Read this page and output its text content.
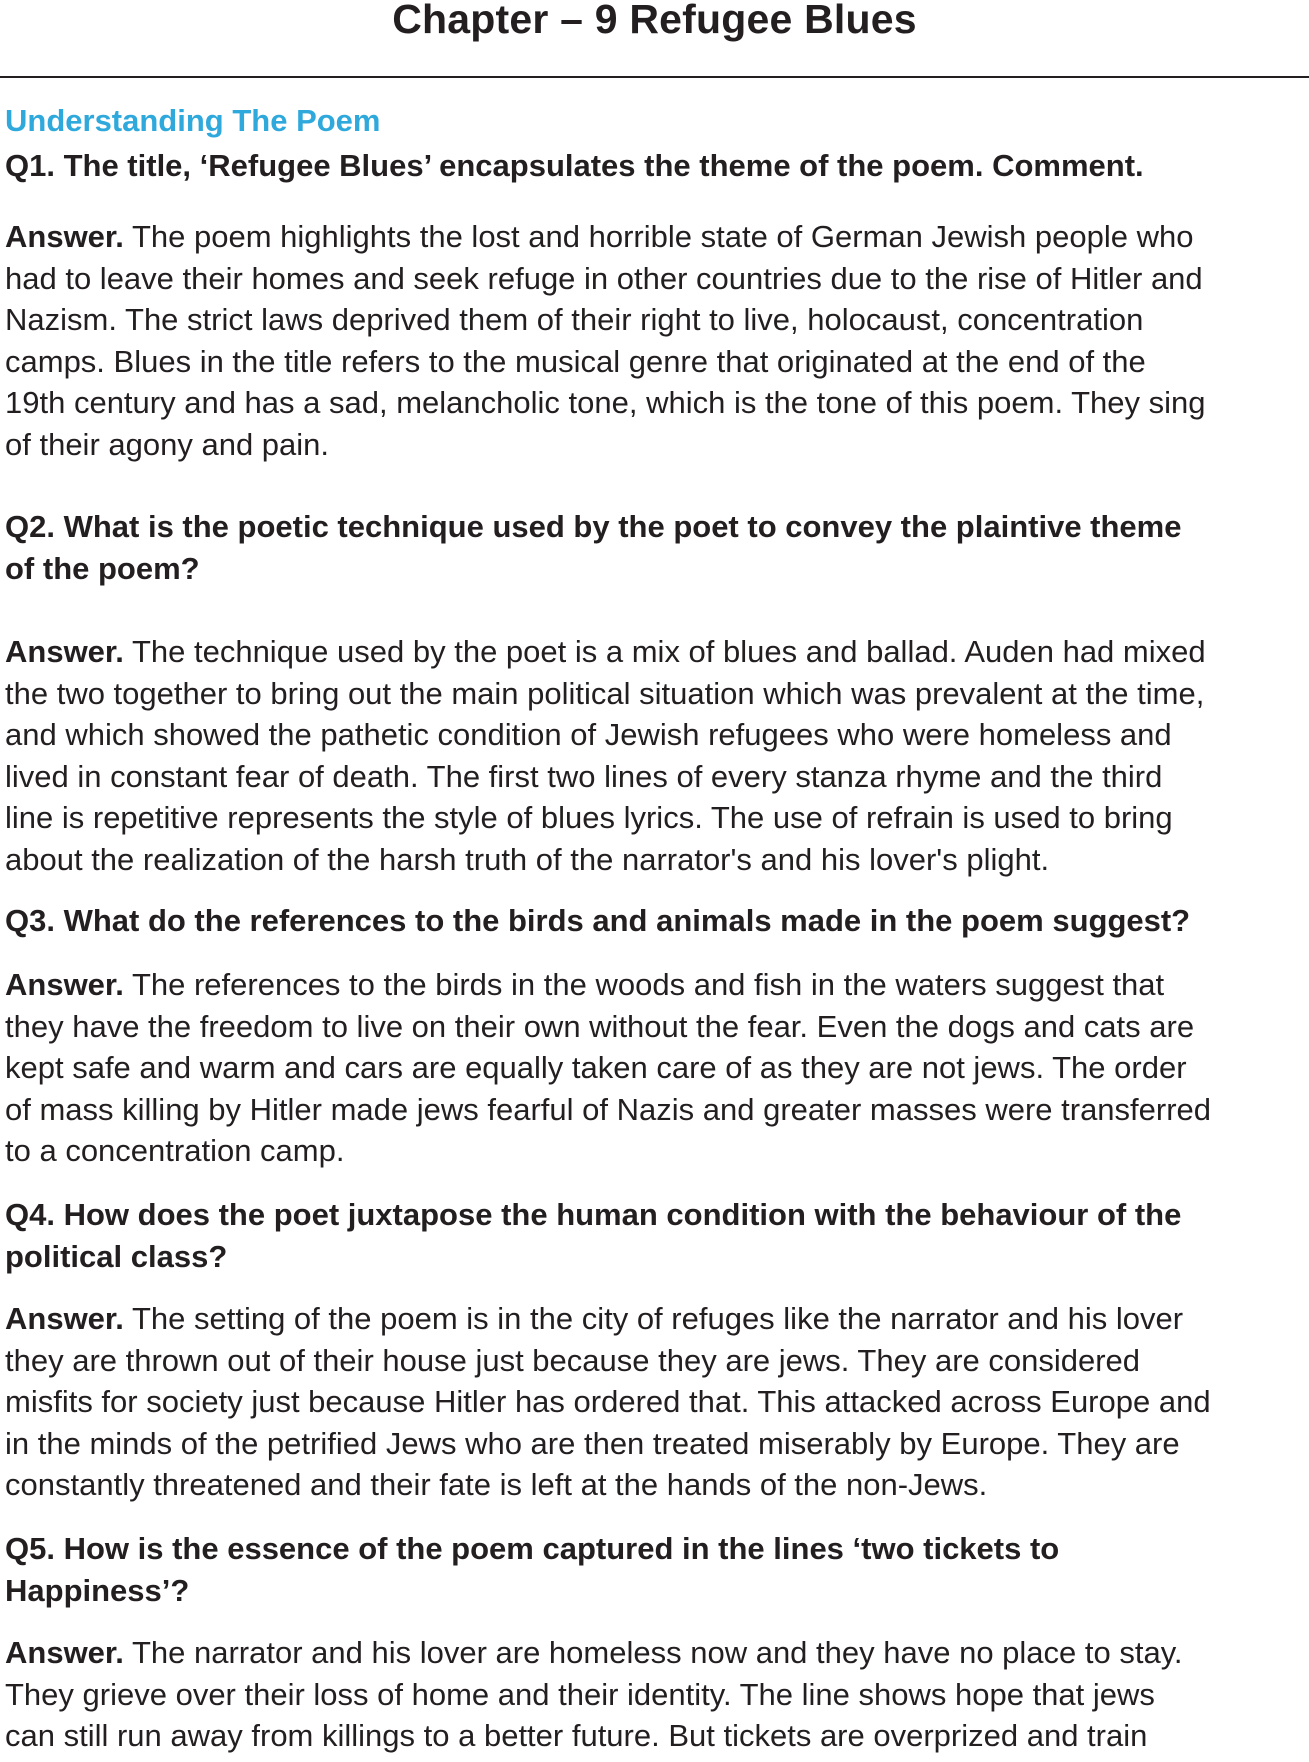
Chapter – 9 Refugee Blues
Understanding The Poem
Q1. The title, ‘Refugee Blues’ encapsulates the theme of the poem. Comment.
Answer. The poem highlights the lost and horrible state of German Jewish people who
had to leave their homes and seek refuge in other countries due to the rise of Hitler and
Nazism. The strict laws deprived them of their right to live, holocaust, concentration
camps. Blues in the title refers to the musical genre that originated at the end of the
19th century and has a sad, melancholic tone, which is the tone of this poem. They sing
of their agony and pain.
Q2. What is the poetic technique used by the poet to convey the plaintive theme
of the poem?
Answer. The technique used by the poet is a mix of blues and ballad. Auden had mixed
the two together to bring out the main political situation which was prevalent at the time,
and which showed the pathetic condition of Jewish refugees who were homeless and
lived in constant fear of death. The first two lines of every stanza rhyme and the third
line is repetitive represents the style of blues lyrics. The use of refrain is used to bring
about the realization of the harsh truth of the narrator's and his lover's plight.
Q3. What do the references to the birds and animals made in the poem suggest?
Answer. The references to the birds in the woods and fish in the waters suggest that
they have the freedom to live on their own without the fear. Even the dogs and cats are
kept safe and warm and cars are equally taken care of as they are not jews. The order
of mass killing by Hitler made jews fearful of Nazis and greater masses were transferred
to a concentration camp.
Q4. How does the poet juxtapose the human condition with the behaviour of the
political class?
Answer. The setting of the poem is in the city of refuges like the narrator and his lover
they are thrown out of their house just because they are jews. They are considered
misfits for society just because Hitler has ordered that. This attacked across Europe and
in the minds of the petrified Jews who are then treated miserably by Europe. They are
constantly threatened and their fate is left at the hands of the non-Jews.
Q5. How is the essence of the poem captured in the lines ‘two tickets to
Happiness’?
Answer. The narrator and his lover are homeless now and they have no place to stay.
They grieve over their loss of home and their identity. The line shows hope that jews
can still run away from killings to a better future. But tickets are overprized and train
